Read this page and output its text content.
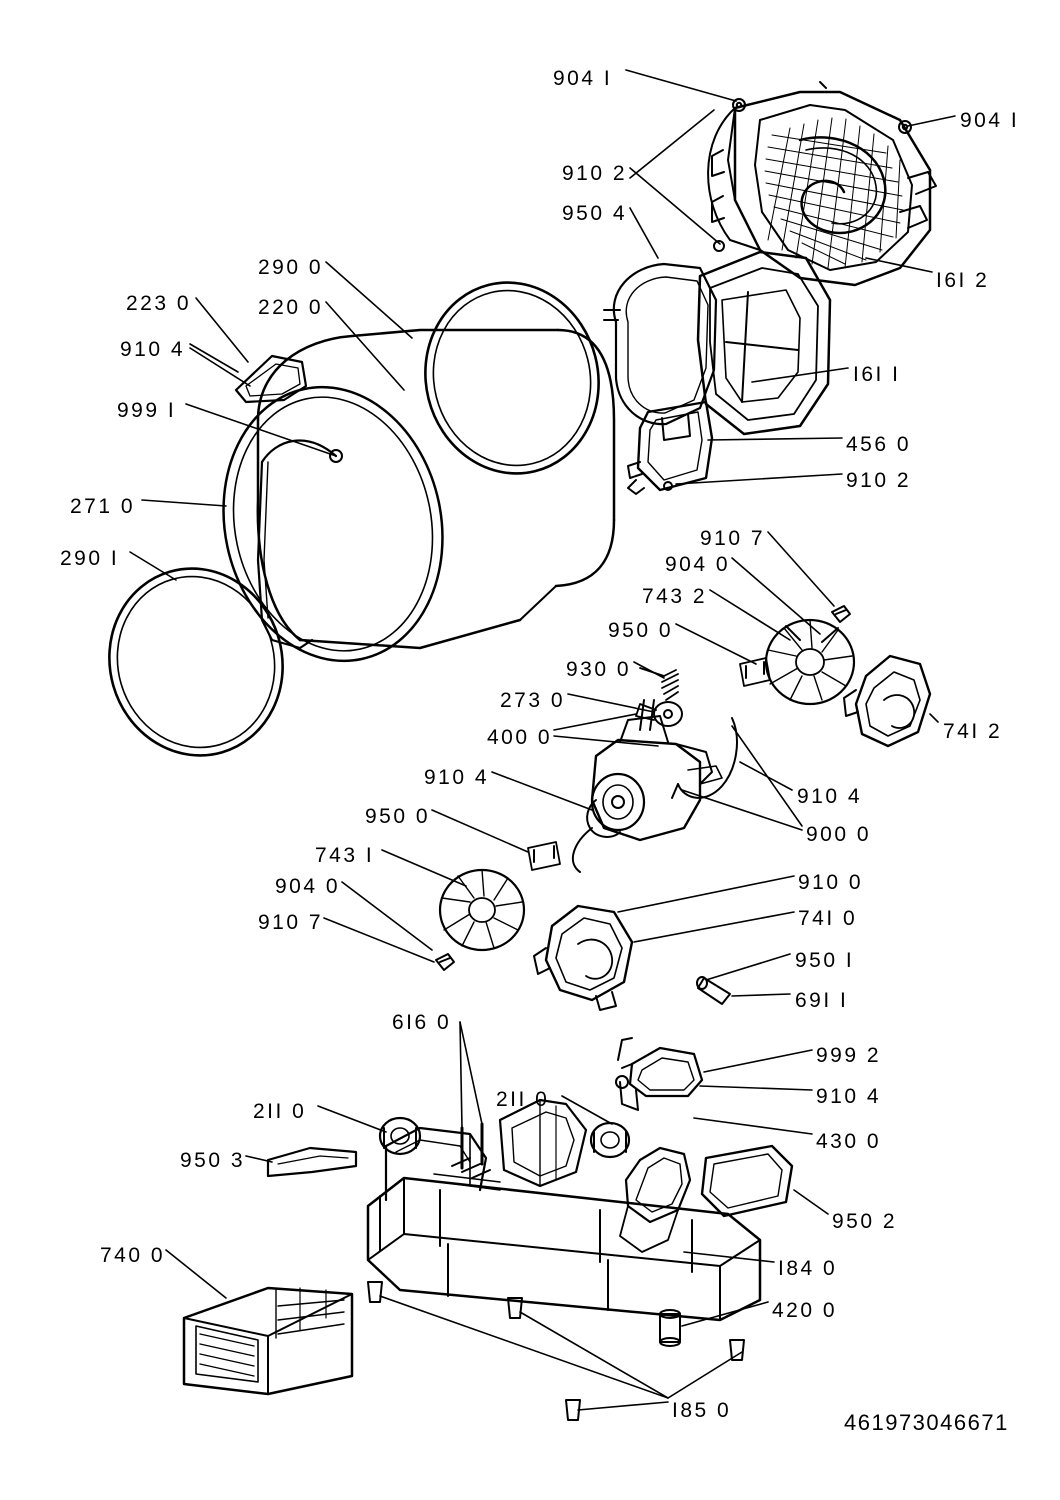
904 I
904 I
910 2
950 4
I6I 2
290 0
223 0	220 0
910 4
I6I I
999 I
456 0
910 2
271 0
290 I
910 7
904 0
743 2
950 0
930 0
273 0
74I 2
400 0
910 4
910 4
950 0
900 0
743 I
910 0
904 0
74I 0
910 7
950 I
69I I
6I6 0
999 2
2II 0	910 4
2II 0
430 0
950 3
950 2
I84 0
740 0
420 0
I85 0	461973046671
